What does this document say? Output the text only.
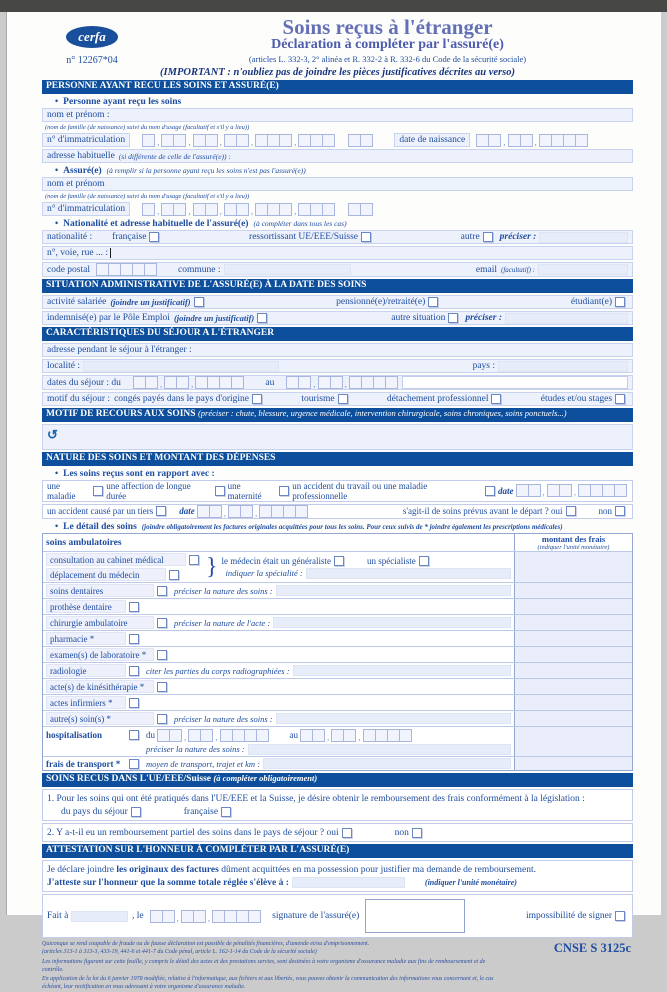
cerfa
n° 12267*04
Soins reçus à l'étranger
Déclaration à compléter par l'assuré(e)
(articles L. 332-3, 2° alinéa et R. 332-2 à R. 332-6 du Code de la sécurité sociale)
(IMPORTANT : n'oubliez pas de joindre les pièces justificatives décrites au verso)
PERSONNE AYANT RECU LES SOINS ET ASSURÉ(E)
• Personne ayant reçu les soins
nom et prénom :
(nom de famille (de naissance) suivi du nom d'usage (facultatif et s'il y a lieu))
n° d'immatriculation	,	,	,	,	,	date de naissance	,	,
adresse habituelle (si différente de celle de l'assuré(e)) :
• Assuré(e) (à remplir si la personne ayant reçu les soins n'est pas l'assuré(e))
nom et prénom
(nom de famille (de naissance) suivi du nom d'usage (facultatif et s'il y a lieu))
n° d'immatriculation	,	,	,	,	,
• Nationalité et adresse habituelle de l'assuré(e) (à compléter dans tous les cas)
nationalité : française	ressortissant UE/EEE/Suisse	autre préciser :
n°, voie, rue ... :
code postal	commune :	email (facultatif) :
SITUATION ADMINISTRATIVE DE L'ASSURÉ(E) À LA DATE DES SOINS
activité salariée (joindre un justificatif)	pensionné(e)/retraité(e)	étudiant(e)
indemnisé(e) par le Pôle Emploi (joindre un justificatif)	autre situation préciser :
CARACTÉRISTIQUES DU SÉJOUR A L'ÉTRANGER
adresse pendant le séjour à l'étranger :
localité :	pays :
dates du séjour : du	,	,	au	,	,
motif du séjour : congés payés dans le pays d'origine	tourisme	détachement professionnel	études et/ou stages
MOTIF DE RECOURS AUX SOINS (préciser : chute, blessure, urgence médicale, intervention chirurgicale, soins chroniques, soins ponctuels...)
↺
NATURE DES SOINS ET MONTANT DES DÉPENSES
• Les soins reçus sont en rapport avec :
une maladie
une affection de longue durée
une maternité
un accident du travail ou une maladie professionnelle	date	,	,
un accident causé par un tiers	date	,	,	s'agit-il de soins prévus avant le départ ? oui	non
• Le détail des soins (joindre obligatoirement les factures originales acquittées pour tous les soins. Pour ceux suivis de * joindre également les prescriptions médicales)
soins ambulatoires	montant des frais
(indiquer l'unité monétaire)
consultation au cabinet médical
déplacement du médecin	} le médecin était un généraliste	un spécialiste
indiquer la spécialité :
soins dentaires	préciser la nature des soins :
prothèse dentaire
chirurgie ambulatoire	préciser la nature de l'acte :
pharmacie *
examen(s) de laboratoire *
radiologie	citer les parties du corps radiographiées :
acte(s) de kinésithérapie *
actes infirmiers *
autre(s) soin(s) *	préciser la nature des soins :
hospitalisation	du	,	,	au	,	,
préciser la nature des soins :
frais de transport *	moyen de transport, trajet et km :
SOINS RECUS DANS L'UE/EEE/Suisse (à compléter obligatoirement)
1. Pour les soins qui ont été pratiqués dans l'UE/EEE et la Suisse, je désire obtenir le remboursement des frais conformément à la législation :
du pays du séjour	française
2. Y a-t-il eu un remboursement partiel des soins dans le pays de séjour ? oui	non
ATTESTATION SUR L'HONNEUR À COMPLÉTER PAR L'ASSURÉ(E)
Je déclare joindre
les originaux des factures
dûment acquittées en ma possession pour justifier ma demande de remboursement.
J'atteste sur l'honneur que la somme totale réglée s'élève à :	(indiquer l'unité monétaire)
Fait à	, le	,	,	signature de l'assuré(e)	impossibilité de signer
CNSE S 3125c
Quiconque se rend coupable de fraude ou de fausse déclaration est passible de pénalités financières, d'amende et/ou d'emprisonnement.
(articles 313-1 à 313-3, 433-19, 441-6 et 441-7 du Code pénal, article L. 162-1-14 du Code de la sécurité sociale)
Les informations figurant sur cette feuille, y compris le détail des actes et des prestations servies, sont destinées à votre organisme d'assurance maladie aux fins de remboursement et de contrôle.
En application de la loi du 6 janvier 1978 modifiée, relative à l'informatique, aux fichiers et aux libertés, vous pouvez obtenir la communication des informations vous concernant et, le cas échéant, leur rectification en vous adressant à votre organisme d'assurance maladie.
